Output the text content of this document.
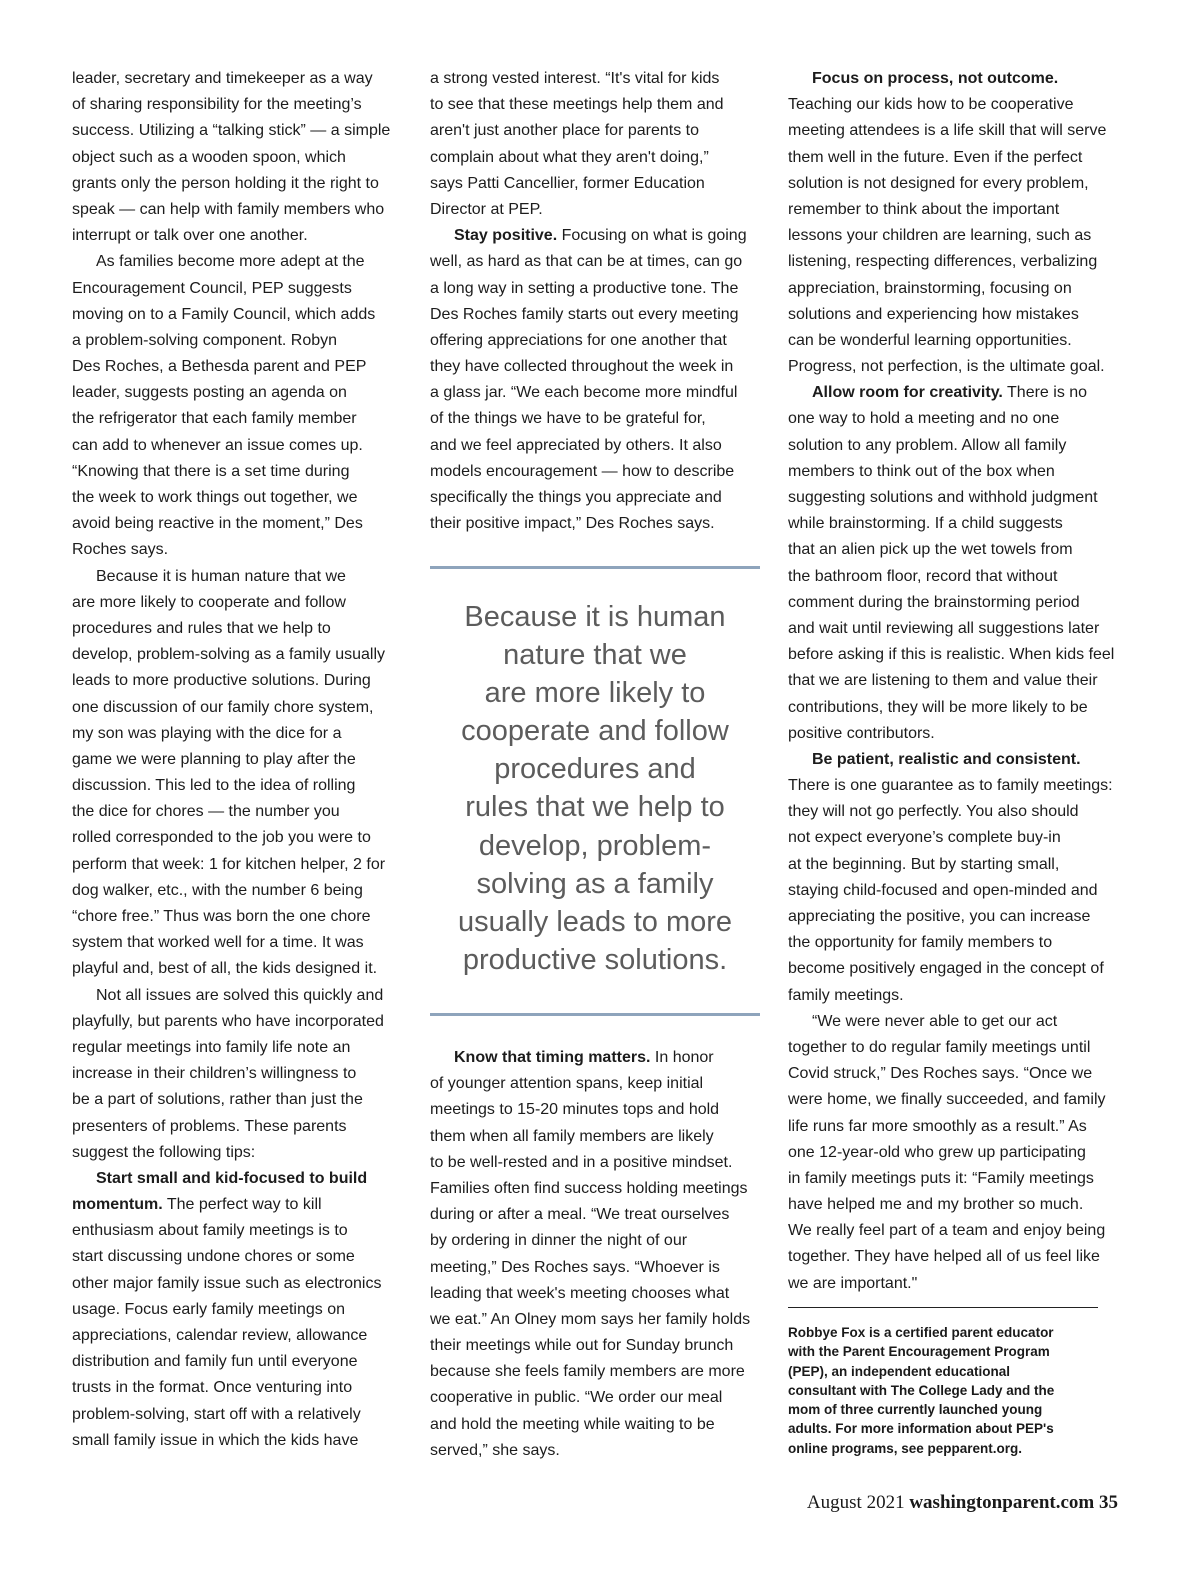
leader, secretary and timekeeper as a way
of sharing responsibility for the meeting’s
success. Utilizing a “talking stick” — a simple
object such as a wooden spoon, which
grants only the person holding it the right to
speak — can help with family members who
interrupt or talk over one another.
As families become more adept at the
Encouragement Council, PEP suggests
moving on to a Family Council, which adds
a problem-solving component. Robyn
Des Roches, a Bethesda parent and PEP
leader, suggests posting an agenda on
the refrigerator that each family member
can add to whenever an issue comes up.
“Knowing that there is a set time during
the week to work things out together, we
avoid being reactive in the moment,” Des
Roches says.
Because it is human nature that we
are more likely to cooperate and follow
procedures and rules that we help to
develop, problem-solving as a family usually
leads to more productive solutions. During
one discussion of our family chore system,
my son was playing with the dice for a
game we were planning to play after the
discussion. This led to the idea of rolling
the dice for chores — the number you
rolled corresponded to the job you were to
perform that week: 1 for kitchen helper, 2 for
dog walker, etc., with the number 6 being
“chore free.” Thus was born the one chore
system that worked well for a time. It was
playful and, best of all, the kids designed it.
Not all issues are solved this quickly and
playfully, but parents who have incorporated
regular meetings into family life note an
increase in their children’s willingness to
be a part of solutions, rather than just the
presenters of problems. These parents
suggest the following tips:
Start small and kid-focused to build
momentum. The perfect way to kill
enthusiasm about family meetings is to
start discussing undone chores or some
other major family issue such as electronics
usage. Focus early family meetings on
appreciations, calendar review, allowance
distribution and family fun until everyone
trusts in the format. Once venturing into
problem-solving, start off with a relatively
small family issue in which the kids have
a strong vested interest. “It's vital for kids
to see that these meetings help them and
aren't just another place for parents to
complain about what they aren't doing,”
says Patti Cancellier, former Education
Director at PEP.
Stay positive. Focusing on what is going
well, as hard as that can be at times, can go
a long way in setting a productive tone. The
Des Roches family starts out every meeting
offering appreciations for one another that
they have collected throughout the week in
a glass jar. “We each become more mindful
of the things we have to be grateful for,
and we feel appreciated by others. It also
models encouragement — how to describe
specifically the things you appreciate and
their positive impact,” Des Roches says.
Because it is human
nature that we
are more likely to
cooperate and follow
procedures and
rules that we help to
develop, problem-
solving as a family
usually leads to more
productive solutions.
Know that timing matters. In honor
of younger attention spans, keep initial
meetings to 15-20 minutes tops and hold
them when all family members are likely
to be well-rested and in a positive mindset.
Families often find success holding meetings
during or after a meal. “We treat ourselves
by ordering in dinner the night of our
meeting,” Des Roches says. “Whoever is
leading that week's meeting chooses what
we eat.” An Olney mom says her family holds
their meetings while out for Sunday brunch
because she feels family members are more
cooperative in public. “We order our meal
and hold the meeting while waiting to be
served,” she says.
Focus on process, not outcome.
Teaching our kids how to be cooperative
meeting attendees is a life skill that will serve
them well in the future. Even if the perfect
solution is not designed for every problem,
remember to think about the important
lessons your children are learning, such as
listening, respecting differences, verbalizing
appreciation, brainstorming, focusing on
solutions and experiencing how mistakes
can be wonderful learning opportunities.
Progress, not perfection, is the ultimate goal.
Allow room for creativity. There is no
one way to hold a meeting and no one
solution to any problem. Allow all family
members to think out of the box when
suggesting solutions and withhold judgment
while brainstorming. If a child suggests
that an alien pick up the wet towels from
the bathroom floor, record that without
comment during the brainstorming period
and wait until reviewing all suggestions later
before asking if this is realistic. When kids feel
that we are listening to them and value their
contributions, they will be more likely to be
positive contributors.
Be patient, realistic and consistent.
There is one guarantee as to family meetings:
they will not go perfectly. You also should
not expect everyone’s complete buy-in
at the beginning. But by starting small,
staying child-focused and open-minded and
appreciating the positive, you can increase
the opportunity for family members to
become positively engaged in the concept of
family meetings.
“We were never able to get our act
together to do regular family meetings until
Covid struck,” Des Roches says. “Once we
were home, we finally succeeded, and family
life runs far more smoothly as a result.” As
one 12-year-old who grew up participating
in family meetings puts it: “Family meetings
have helped me and my brother so much.
We really feel part of a team and enjoy being
together. They have helped all of us feel like
we are important."
Robbye Fox is a certified parent educator
with the Parent Encouragement Program
(PEP), an independent educational
consultant with The College Lady and the
mom of three currently launched young
adults. For more information about PEP's
online programs, see pepparent.org.
August 2021 washingtonparent.com 35
